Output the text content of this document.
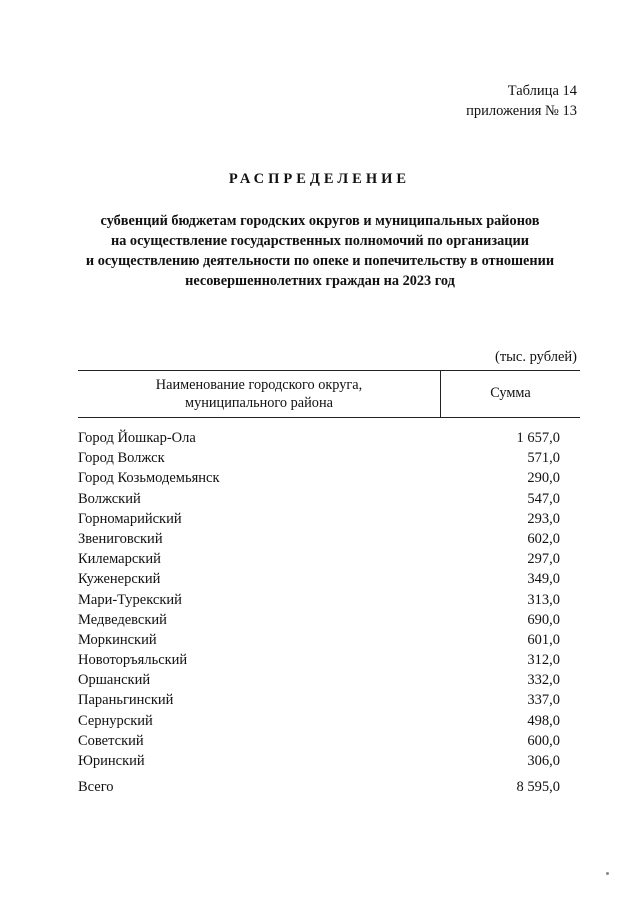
Таблица 14
приложения № 13
РАСПРЕДЕЛЕНИЕ
субвенций бюджетам городских округов и муниципальных районов
на осуществление государственных полномочий по организации
и осуществлению деятельности по опеке и попечительству в отношении
несовершеннолетних граждан на 2023 год
(тыс. рублей)
Наименование городского округа,
муниципального района
Сумма
Город Йошкар-Ола	1 657,0
Город Волжск	571,0
Город Козьмодемьянск	290,0
Волжский	547,0
Горномарийский	293,0
Звениговский	602,0
Килемарский	297,0
Куженерский	349,0
Мари-Турекский	313,0
Медведевский	690,0
Моркинский	601,0
Новоторъяльский	312,0
Оршанский	332,0
Параньгинский	337,0
Сернурский	498,0
Советский	600,0
Юринский	306,0
Всего	8 595,0
